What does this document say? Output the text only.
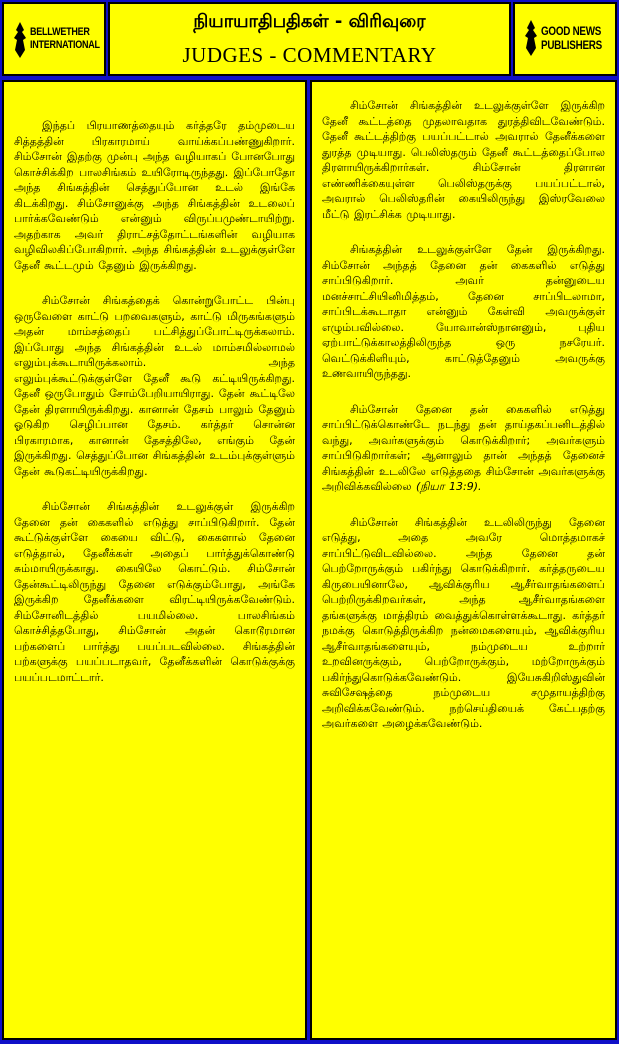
BELLWETHER
INTERNATIONAL
நியாயாதிபதிகள் - விரிவுரை
JUDGES - COMMENTARY
GOOD NEWS
PUBLISHERS

இந்தப் பிரயாணத்தையும் கர்த்தரே தம்முடைய சித்தத்தின் பிரகாரமாய் வாய்க்கப்பண்ணுகிறார். சிம்சோன் இதற்கு முன்பு அந்த வழியாகப் போனபோது கொச்சிக்கிற பாலசிங்கம் உயிரோடிருந்தது. இப்போதோ அந்த சிங்கத்தின் செத்துப்போன உடல் இங்கே கிடக்கிறது. சிம்சோனுக்கு அந்த சிங்கத்தின் உடலைப் பார்க்கவேண்டும் என்னும் விருப்பமுண்டாயிற்று. அதற்காக அவர் திராட்சத்தோட்டங்களின் வழியாக வழிவிலகிப்போகிறார். அந்த சிங்கத்தின் உடலுக்குள்ளே தேனீ கூட்டமும் தேனும் இருக்கிறது.

சிம்சோன் சிங்கத்தைக் கொன்றுபோட்ட பின்பு ஒருவேளை காட்டு பறவைகளும், காட்டு மிருகங்களும் அதன் மாம்சத்தைப் பட்சித்துப்போட்டிருக்கலாம். இப்போது அந்த சிங்கத்தின் உடல் மாம்சமில்லாமல் எலும்புக்கூடாயிருக்கலாம். அந்த எலும்புக்கூட்டுக்குள்ளே தேனீ கூடு கட்டியிருக்கிறது. தேனீ ஒருபோதும் சோம்பேறியாயிராது. தேன் கூட்டிலே தேன் திரளாயிருக்கிறது. கானான் தேசம் பாலும் தேனும் ஓடுகிற செழிப்பான தேசம். கர்த்தர் சொன்ன பிரகாரமாக, கானான் தேசத்திலே, எங்கும் தேன் இருக்கிறது. செத்துப்போன சிங்கத்தின் உடம்புக்குள்ளும் தேன் கூடுகட்டியிருக்கிறது.

சிம்சோன் சிங்கத்தின் உடலுக்குள் இருக்கிற தேனை தன் கைகளில் எடுத்து சாப்பிடுகிறார். தேன் கூட்டுக்குள்ளே கையை விட்டு, கைகளால் தேனை எடுத்தால், தேனீக்கள் அதைப் பார்த்துக்கொண்டு சும்மாயிருக்காது. கையிலே கொட்டும். சிம்சோன் தேன்கூட்டிலிருந்து தேனை எடுக்கும்போது, அங்கே இருக்கிற தேனீக்களை விரட்டியிருக்கவேண்டும். சிம்சோனிடத்தில் பயமில்லை. பாலசிங்கம் கொச்சித்தபோது, சிம்சோன் அதன் கொடூரமான பற்களைப் பார்த்து பயப்படவில்லை. சிங்கத்தின் பற்களுக்கு பயப்படாதவர், தேனீக்களின் கொடுக்குக்கு பயப்படமாட்டார்.

சிம்சோன் சிங்கத்தின் உடலுக்குள்ளே இருக்கிற தேனீ கூட்டத்தை முதலாவதாக துரத்திவிடவேண்டும். தேனீ கூட்டத்திற்கு பயப்பட்டால் அவரால் தேனீக்களை துரத்த முடியாது. பெலிஸ்தரும் தேனீ கூட்டத்தைப்போல திரளாயிருக்கிறார்கள். சிம்சோன் திரளான எண்ணிக்கையுள்ள பெலிஸ்தருக்கு பயப்பட்டால், அவரால் பெலிஸ்தரின் கையிலிருந்து இஸ்ரவேலை மீட்டு இரட்சிக்க முடியாது.

சிங்கத்தின் உடலுக்குள்ளே தேன் இருக்கிறது. சிம்சோன் அந்தத் தேனை தன் கைகளில் எடுத்து சாப்பிடுகிறார். அவர் தன்னுடைய மனச்சாட்சியினிமித்தம், தேனை சாப்பிடலாமா, சாப்பிடக்கூடாதா என்னும் கேள்வி அவருக்குள் எழும்பவில்லை. யோவான்ஸ்நானனும், புதிய ஏற்பாட்டுக்காலத்திலிருந்த ஒரு நசரேயர். வெட்டுக்கிளியும், காட்டுத்தேனும் அவருக்கு உணவாயிருந்தது.

சிம்சோன் தேனை தன் கைகளில் எடுத்து சாப்பிட்டுக்கொண்டே நடந்து தன் தாய்தகப்பனிடத்தில் வந்து, அவர்களுக்கும் கொடுக்கிறார்; அவர்களும் சாப்பிடுகிறார்கள்; ஆனாலும் தான் அந்தத் தேனைச் சிங்கத்தின் உடலிலே எடுத்ததை சிம்சோன் அவர்களுக்கு அறிவிக்கவில்லை (நியா 13:9).

சிம்சோன் சிங்கத்தின் உடலிலிருந்து தேனை எடுத்து, அதை அவரே மொத்தமாகச் சாப்பிட்டுவிடவில்லை. அந்த தேனை தன் பெற்றோருக்கும் பகிர்ந்து கொடுக்கிறார். கர்த்தருடைய கிருபையினாலே, ஆவிக்குரிய ஆசீர்வாதங்களைப் பெற்றிருக்கிறவர்கள், அந்த ஆசீர்வாதங்களை தங்களுக்கு மாத்திரம் வைத்துக்கொள்ளக்கூடாது. கர்த்தர் நமக்கு கொடுத்திருக்கிற நன்மைகளையும், ஆவிக்குரிய ஆசீர்வாதங்களையும், நம்முடைய உற்றார் உறவினருக்கும், பெற்றோருக்கும், மற்றோருக்கும் பகிர்ந்துகொடுக்கவேண்டும். இயேசுகிறிஸ்துவின் சுவிசேஷத்தை நம்முடைய சமுதாயத்திற்கு அறிவிக்கவேண்டும். நற்செய்தியைக் கேட்பதற்கு அவர்களை அழைக்கவேண்டும்.
